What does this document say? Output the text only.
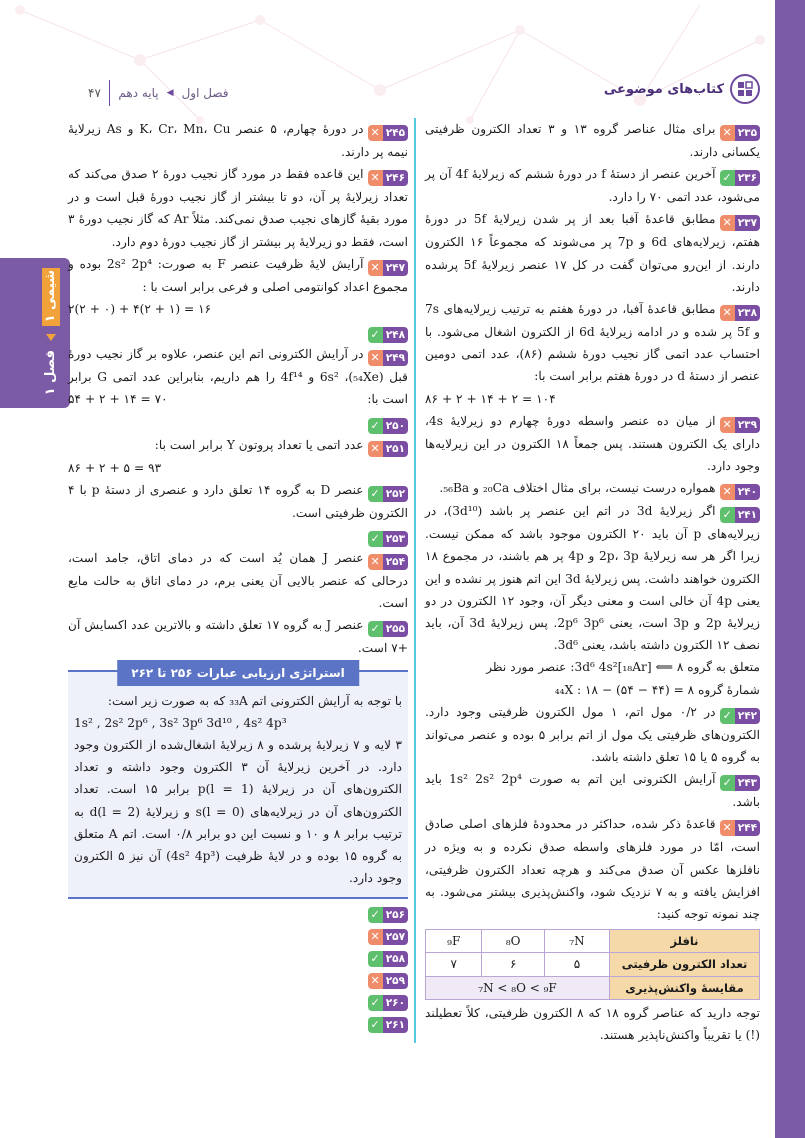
کتاب‌های موضوعی
فصل اول
◀
پایه دهم
۴۷
شیمی ۱
فصل ۱
۲۳۵
✕
برای مثال عناصر گروه ۱۳ و ۳ تعداد الکترون ظرفیتی یکسانی دارند.
۲۳۶
✓
آخرین عنصر از دستهٔ f در دورهٔ ششم که زیرلایهٔ 4f آن پر می‌شود، عدد اتمی ۷۰ را دارد.
۲۳۷
✕
مطابق قاعدهٔ آفبا بعد از پر شدن زیرلایهٔ 5f در دورهٔ هفتم، زیرلایه‌های 6d و 7p پر می‌شوند که مجموعاً ۱۶ الکترون دارند. از این‌رو می‌توان گفت در کل ۱۷ عنصر زیرلایهٔ 5f پرشده دارند.
۲۳۸
✕
مطابق قاعدهٔ آفبا، در دورهٔ هفتم به ترتیب زیرلایه‌های 7s و 5f پر شده و در ادامه زیرلایهٔ 6d از الکترون اشغال می‌شود. با احتساب عدد اتمی گاز نجیب دورهٔ ششم (۸۶)، عدد اتمی دومین عنصر از دستهٔ d در دورهٔ هفتم برابر است با:
۸۶ + ۲ + ۱۴ + ۲ = ۱۰۴
۲۳۹
✕
از میان ده عنصر واسطه دورهٔ چهارم دو زیرلایهٔ 4s، دارای یک الکترون هستند. پس جمعاً ۱۸ الکترون در این زیرلایه‌ها وجود دارد.
۲۴۰
✕
همواره درست نیست، برای مثال اختلاف ₂₀Ca و ₅₆Ba.
۲۴۱
✓
اگر زیرلایهٔ 3d در اتم این عنصر پر باشد (3d¹⁰)، در زیرلایه‌های p آن باید ۲۰ الکترون موجود باشد که ممکن نیست. زیرا اگر هر سه زیرلایهٔ 2p، 3p و 4p پر هم باشند، در مجموع ۱۸ الکترون خواهند داشت. پس زیرلایهٔ 3d این اتم هنوز پر نشده و این یعنی 4p آن خالی است و معنی دیگر آن، وجود ۱۲ الکترون در دو زیرلایهٔ 2p و 3p است، یعنی 2p⁶ 3p⁶. پس زیرلایهٔ 3d آن، باید نصف ۱۲ الکترون داشته باشد، یعنی 3d⁶.
متعلق به گروه ۸ ⟸ [₁₈Ar]3d⁶ 4s²: عنصر مورد نظر
شمارهٔ گروه ₄₄X : ۱۸ − (۵۴ − ۴۴) = ۸
۲۴۲
✓
در ۰/۲ مول اتم، ۱ مول الکترون ظرفیتی وجود دارد. الکترون‌های ظرفیتی یک مول از اتم برابر ۵ بوده و عنصر می‌تواند به گروه ۵ یا ۱۵ تعلق داشته باشد.
۲۴۳
✓
آرایش الکترونی این اتم به صورت 1s² 2s² 2p⁴ باید باشد.
۲۴۴
✕
قاعدهٔ ذکر شده، حداکثر در محدودهٔ فلزهای اصلی صادق است، امّا در مورد فلزهای واسطه صدق نکرده و به ویژه در نافلزها عکس آن صدق می‌کند و هرچه تعداد الکترون ظرفیتی، افزایش یافته و به ۷ نزدیک شود، واکنش‌پذیری بیشتر می‌شود. به چند نمونه توجه کنید:
نافلز	₇N	₈O	₉F
تعداد الکترون ظرفیتی	۵	۶	۷
مقایسهٔ واکنش‌پذیری	₇N < ₈O < ₉F		
توجه دارید که عناصر گروه ۱۸ که ۸ الکترون ظرفیتی، کلاً تعطیلند (!) یا تقریباً واکنش‌ناپذیر هستند.
۲۴۵
✕
در دورهٔ چهارم، ۵ عنصر K، Cr، Mn، Cu و As زیرلایهٔ نیمه پر دارند.
۲۴۶
✕
این قاعده فقط در مورد گاز نجیب دورهٔ ۲ صدق می‌کند که تعداد زیرلایهٔ پر آن، دو تا بیشتر از گاز نجیب دورهٔ قبل است و در مورد بقیهٔ گازهای نجیب صدق نمی‌کند. مثلاً Ar که گاز نجیب دورهٔ ۳ است، فقط دو زیرلایهٔ پر بیشتر از گاز نجیب دورهٔ دوم دارد.
۲۴۷
✕
آرایش لایهٔ ظرفیت عنصر F به صورت: 2s² 2p⁴ بوده و مجموع اعداد کوانتومی اصلی و فرعی برابر است با :
۲(۲ + ۰) + ۴(۲ + ۱) = ۱۶
۲۴۸
✓
۲۴۹
✕
در آرایش الکترونی اتم این عنصر، علاوه بر گاز نجیب دورهٔ قبل (₅₄Xe)، 6s² و 4f¹⁴ را هم داریم، بنابراین عدد اتمی G برابر است با:
۵۴ + ۲ + ۱۴ = ۷۰
۲۵۰
✓
۲۵۱
✕
عدد اتمی یا تعداد پروتون Y برابر است با:
۸۶ + ۲ + ۵ = ۹۳
۲۵۲
✓
عنصر D به گروه ۱۴ تعلق دارد و عنصری از دستهٔ p با ۴ الکترون ظرفیتی است.
۲۵۳
✓
۲۵۴
✕
عنصر J همان یُد است که در دمای اتاق، جامد است، درحالی که عنصر بالایی آن یعنی برم، در دمای اتاق به حالت مایع است.
۲۵۵
✓
عنصر J به گروه ۱۷ تعلق داشته و بالاترین عدد اکسایش آن +۷ است.
استراتژی ارزیابی عبارات ۲۵۶ تا ۲۶۲
با توجه به آرایش الکترونی اتم ₃₃A که به صورت زیر است:
1s² , 2s² 2p⁶ , 3s² 3p⁶ 3d¹⁰ , 4s² 4p³
۳ لایه و ۷ زیرلایهٔ پرشده و ۸ زیرلایهٔ اشغال‌شده از الکترون وجود دارد. در آخرین زیرلایهٔ آن ۳ الکترون وجود داشته و تعداد الکترون‌های آن در زیرلایهٔ p(l = 1) برابر ۱۵ است. تعداد الکترون‌های آن در زیرلایه‌های s(l = 0) و زیرلایهٔ d(l = 2) به ترتیب برابر ۸ و ۱۰ و نسبت این دو برابر ۰/۸ است. اتم A متعلق به گروه ۱۵ بوده و در لایهٔ ظرفیت (4s² 4p³) آن نیز ۵ الکترون وجود دارد.
۲۵۶
✓
۲۵۷
✕
۲۵۸
✓
۲۵۹
✕
۲۶۰
✓
۲۶۱
✓
